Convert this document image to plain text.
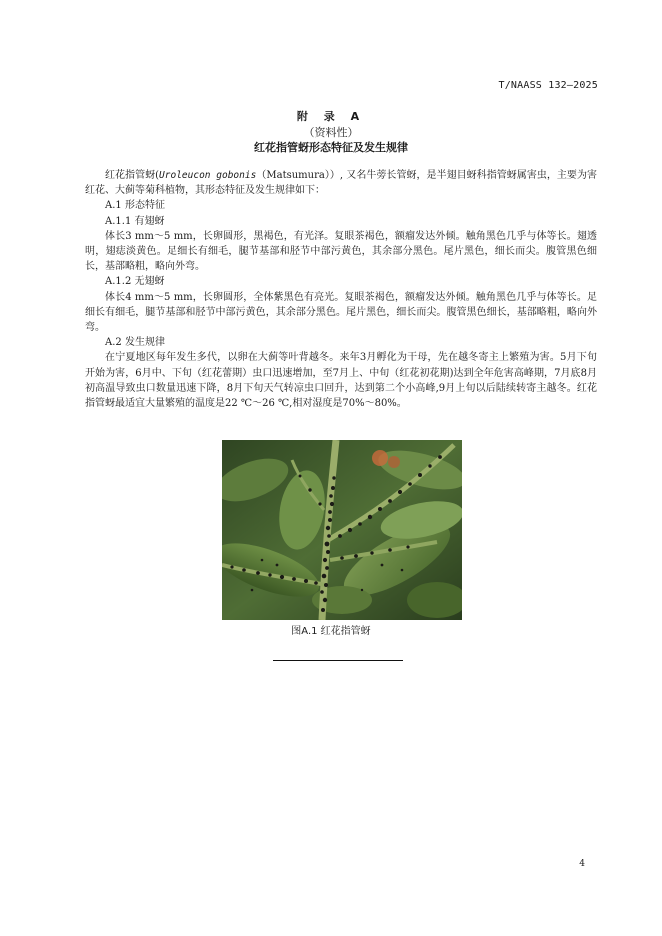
T/NAASS 132—2025
附 录 A
（资料性）
红花指管蚜形态特征及发生规律

红花指管蚜(Uroleucon gobonis（Matsumura））, 又名牛蒡长管蚜，是半翅目蚜科指管蚜属害虫，主要为害红花、大蓟等菊科植物，其形态特征及发生规律如下：

A.1 形态特征

A.1.1 有翅蚜

体长3 mm～5 mm，长卵圆形，黑褐色，有光泽。复眼茶褐色，额瘤发达外倾。触角黑色几乎与体等长。翅透明，翅痣淡黄色。足细长有细毛，腿节基部和胫节中部污黄色，其余部分黑色。尾片黑色，细长而尖。腹管黑色细长，基部略粗，略向外弯。

A.1.2 无翅蚜

体长4 mm～5 mm，长卵圆形，全体紫黑色有亮光。复眼茶褐色，额瘤发达外倾。触角黑色几乎与体等长。足细长有细毛，腿节基部和胫节中部污黄色，其余部分黑色。尾片黑色，细长而尖。腹管黑色细长，基部略粗，略向外弯。

A.2 发生规律

在宁夏地区每年发生多代，以卵在大蓟等叶背越冬。来年3月孵化为干母，先在越冬寄主上繁殖为害。5月下旬开始为害，6月中、下旬（红花蕾期）虫口迅速增加，至7月上、中旬（红花初花期)达到全年危害高峰期，7月底8月初高温导致虫口数量迅速下降，8月下旬天气转凉虫口回升，达到第二个小高峰,9月上旬以后陆续转寄主越冬。红花指管蚜最适宜大量繁殖的温度是22 ℃～26 ℃,相对湿度是70%～80%。

图A.1 红花指管蚜
4
